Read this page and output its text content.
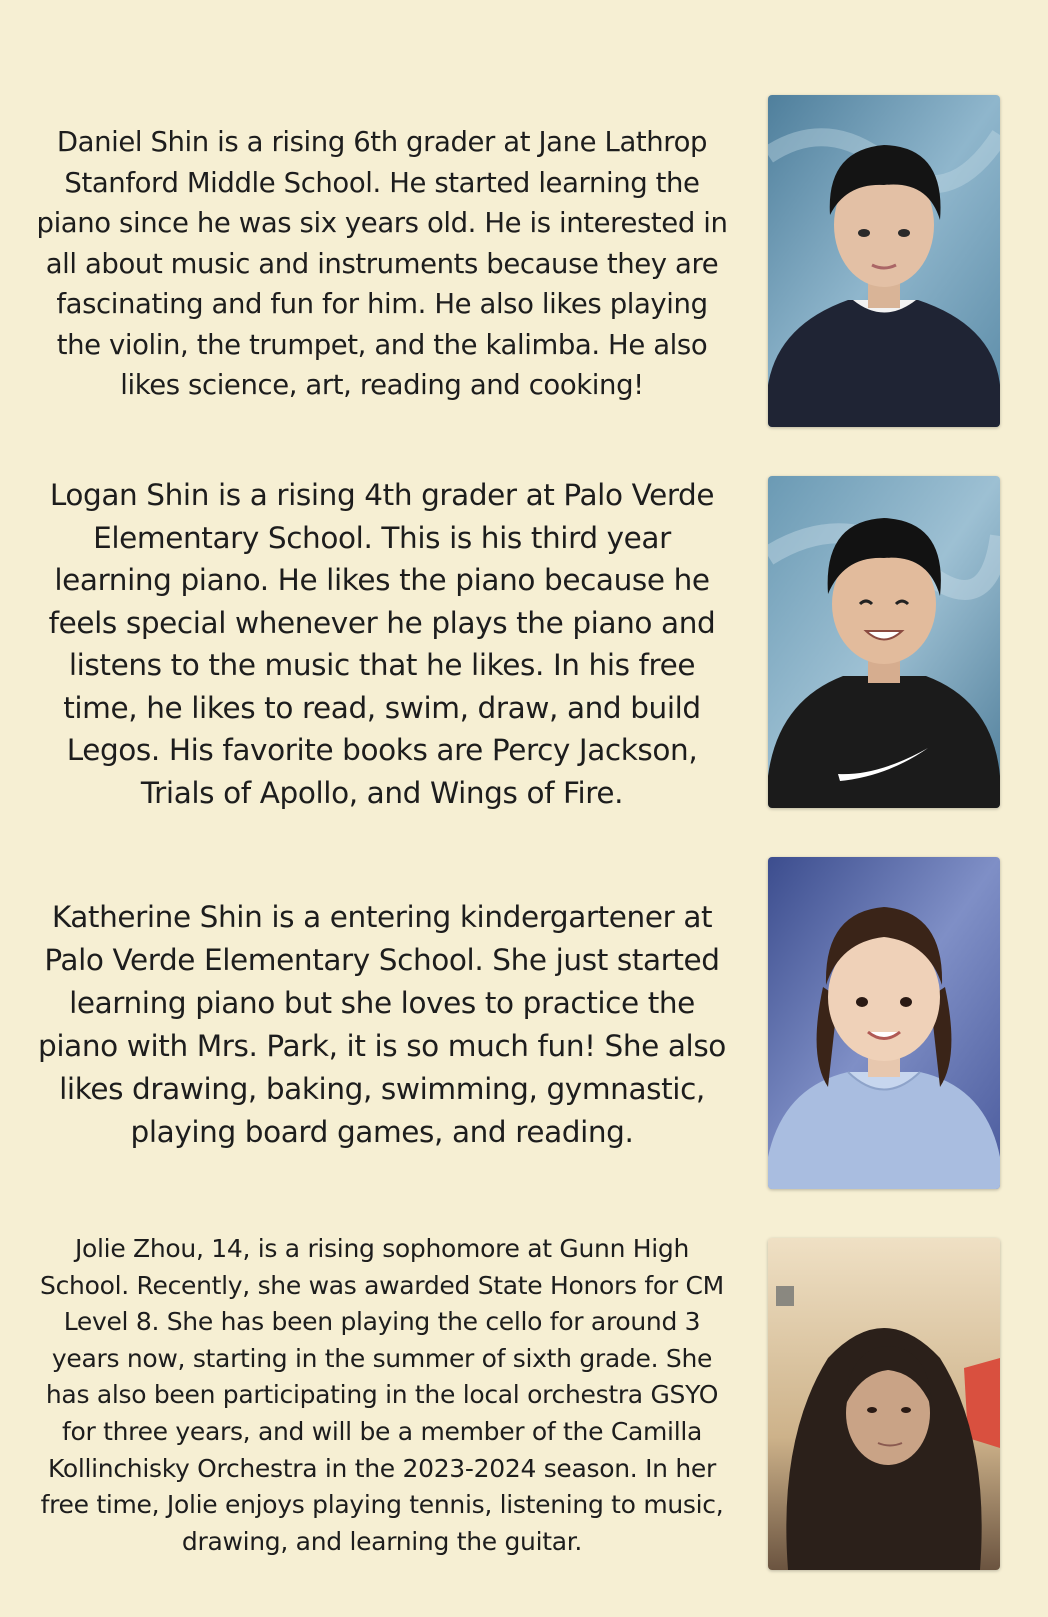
Daniel Shin is a rising 6th grader at Jane Lathrop Stanford Middle School. He started learning the piano since he was six years old. He is interested in all about music and instruments because they are fascinating and fun for him. He also likes playing the violin, the trumpet, and the kalimba. He also likes science, art, reading and cooking!

Logan Shin is a rising 4th grader at Palo Verde Elementary School. This is his third year learning piano. He likes the piano because he feels special whenever he plays the piano and listens to the music that he likes. In his free time, he likes to read, swim, draw, and build Legos. His favorite books are Percy Jackson, Trials of Apollo, and Wings of Fire.

Katherine Shin is a entering kindergartener at Palo Verde Elementary School. She just started learning piano but she loves to practice the piano with Mrs. Park, it is so much fun! She also likes drawing, baking, swimming, gymnastic, playing board games, and reading.

Jolie Zhou, 14, is a rising sophomore at Gunn High School. Recently, she was awarded State Honors for CM Level 8. She has been playing the cello for around 3 years now, starting in the summer of sixth grade. She has also been participating in the local orchestra GSYO for three years, and will be a member of the Camilla Kollinchisky Orchestra in the 2023-2024 season. In her free time, Jolie enjoys playing tennis, listening to music, drawing, and learning the guitar.
